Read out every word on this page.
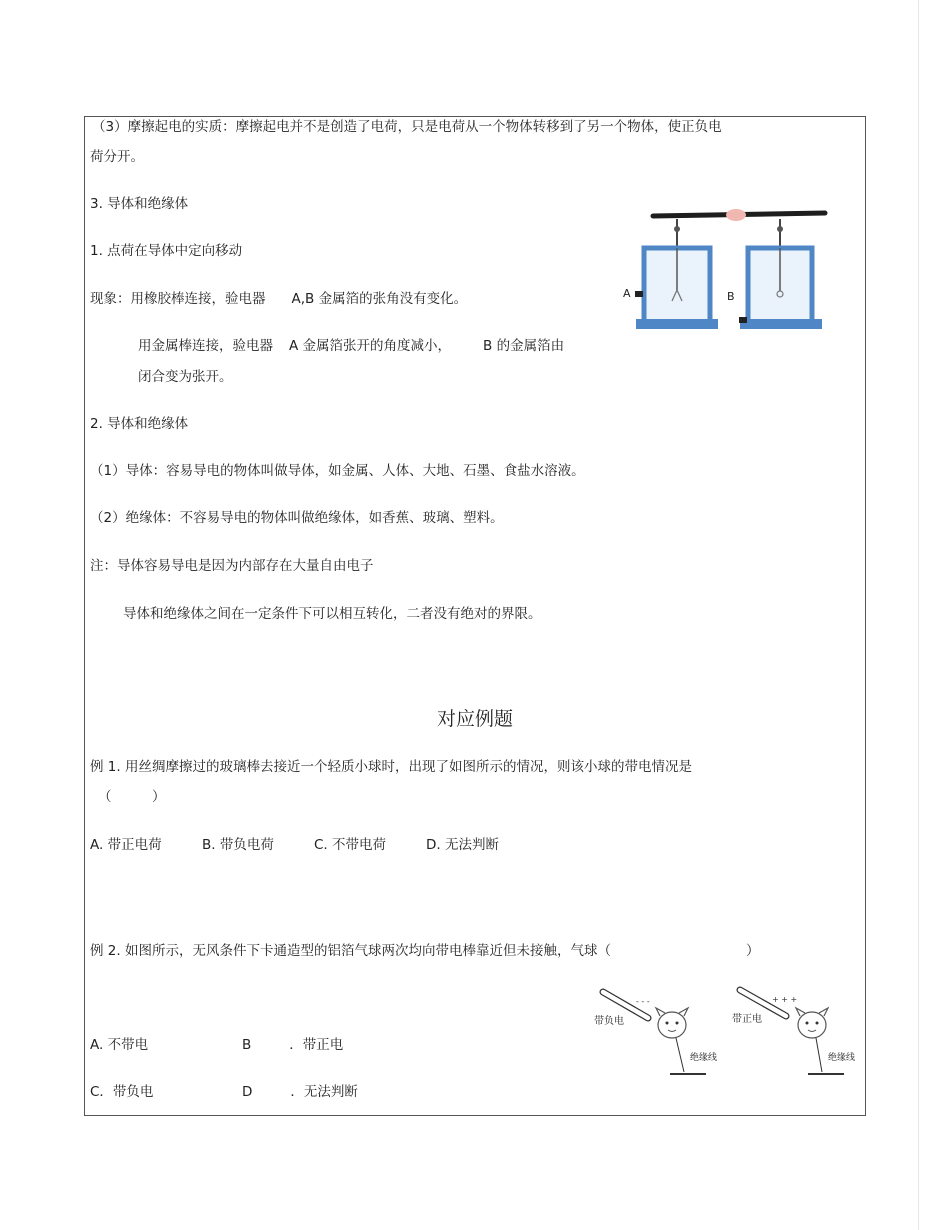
（3）摩擦起电的实质：摩擦起电并不是创造了电荷，只是电荷从一个物体转移到了另一个物体，使正负电
荷分开。
3. 导体和绝缘体
1. 点荷在导体中定向移动
现象：用橡胶棒连接，验电器 A,B 金属箔的张角没有变化。
用金属棒连接，验电器 A 金属箔张开的角度减小， B 的金属箔由
闭合变为张开。
2. 导体和绝缘体
（1）导体：容易导电的物体叫做导体，如金属、人体、大地、石墨、食盐水溶液。
（2）绝缘体：不容易导电的物体叫做绝缘体，如香蕉、玻璃、塑料。
注：导体容易导电是因为内部存在大量自由电子
导体和绝缘体之间在一定条件下可以相互转化，二者没有绝对的界限。
对应例题
例 1. 用丝绸摩擦过的玻璃棒去接近一个轻质小球时，出现了如图所示的情况，则该小球的带电情况是
（　　　）
A. 带正电荷	B. 带负电荷	C. 不带电荷	D. 无法判断
例 2. 如图所示，无风条件下卡通造型的铝箔气球两次均向带电棒靠近但未接触，气球（	）
A. 不带电	B	．带正电
C．带负电	D	．无法判断
A	B
- - -
带负电
绝缘线
+ + +
带正电
绝缘线
